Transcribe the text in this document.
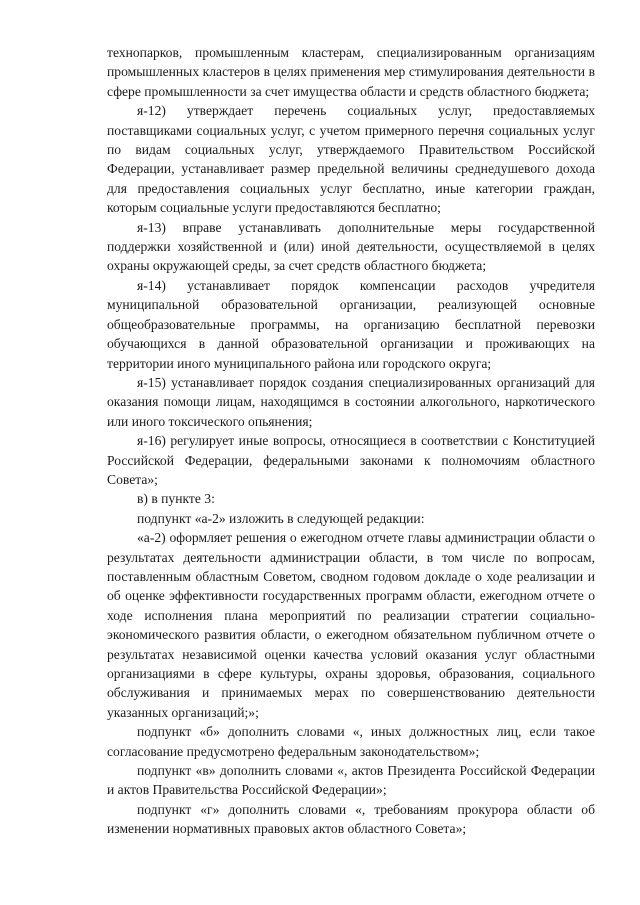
технопарков, промышленным кластерам, специализированным организациям промышленных кластеров в целях применения мер стимулирования деятельности в сфере промышленности за счет имущества области и средств областного бюджета;

я-12) утверждает перечень социальных услуг, предоставляемых поставщиками социальных услуг, с учетом примерного перечня социальных услуг по видам социальных услуг, утверждаемого Правительством Российской Федерации, устанавливает размер предельной величины среднедушевого дохода для предоставления социальных услуг бесплатно, иные категории граждан, которым социальные услуги предоставляются бесплатно;

я-13) вправе устанавливать дополнительные меры государственной поддержки хозяйственной и (или) иной деятельности, осуществляемой в целях охраны окружающей среды, за счет средств областного бюджета;

я-14) устанавливает порядок компенсации расходов учредителя муниципальной образовательной организации, реализующей основные общеобразовательные программы, на организацию бесплатной перевозки обучающихся в данной образовательной организации и проживающих на территории иного муниципального района или городского округа;

я-15) устанавливает порядок создания специализированных организаций для оказания помощи лицам, находящимся в состоянии алкогольного, наркотического или иного токсического опьянения;

я-16) регулирует иные вопросы, относящиеся в соответствии с Конституцией Российской Федерации, федеральными законами к полномочиям областного Совета»;

в) в пункте 3:

подпункт «а-2» изложить в следующей редакции:

«а-2) оформляет решения о ежегодном отчете главы администрации области о результатах деятельности администрации области, в том числе по вопросам, поставленным областным Советом, сводном годовом докладе о ходе реализации и об оценке эффективности государственных программ области, ежегодном отчете о ходе исполнения плана мероприятий по реализации стратегии социально-экономического развития области, о ежегодном обязательном публичном отчете о результатах независимой оценки качества условий оказания услуг областными организациями в сфере культуры, охраны здоровья, образования, социального обслуживания и принимаемых мерах по совершенствованию деятельности указанных организаций;»;

подпункт «б» дополнить словами «, иных должностных лиц, если такое согласование предусмотрено федеральным законодательством»;

подпункт «в» дополнить словами «, актов Президента Российской Федерации и актов Правительства Российской Федерации»;

подпункт «г» дополнить словами «, требованиям прокурора области об изменении нормативных правовых актов областного Совета»;
